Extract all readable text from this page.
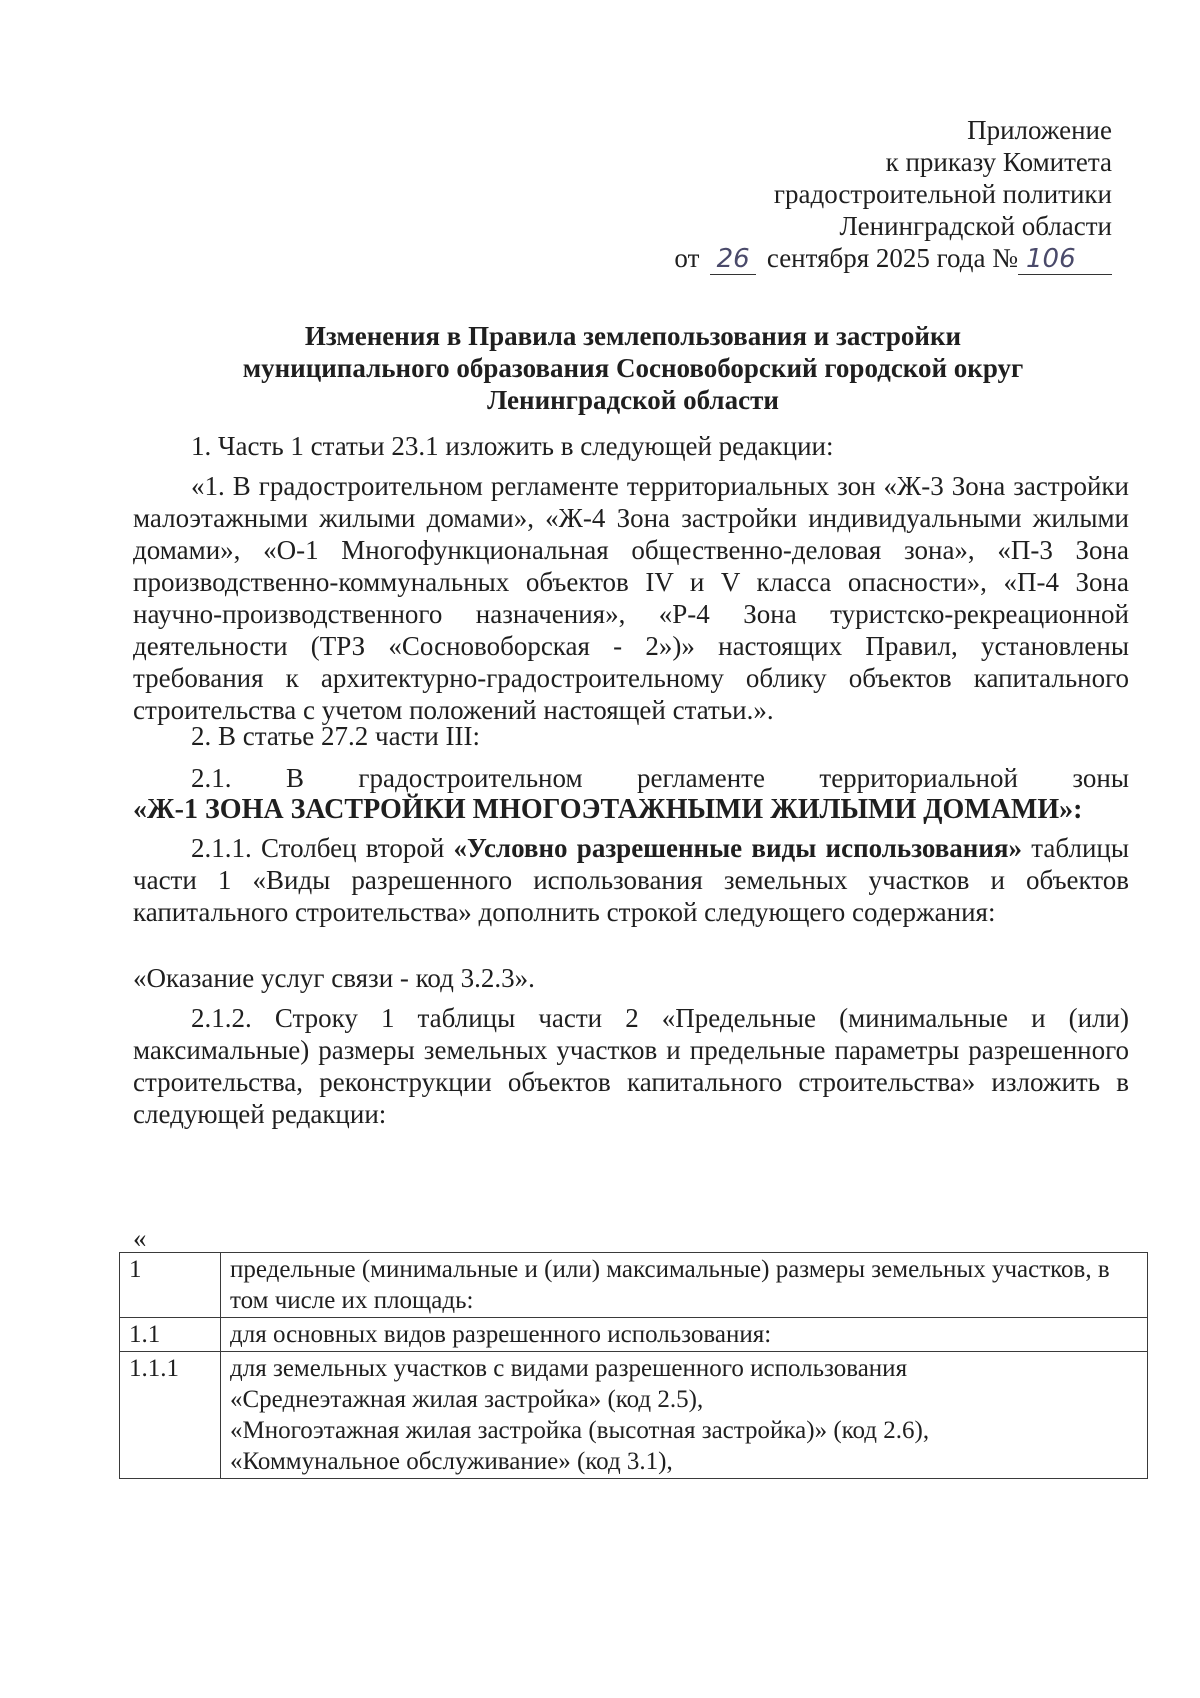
Приложение
к приказу Комитета
градостроительной политики
Ленинградской области
от 26 сентября 2025 года № 106
Изменения в Правила землепользования и застройки
муниципального образования Сосновоборский городской округ
Ленинградской области
1. Часть 1 статьи 23.1 изложить в следующей редакции:
«1. В градостроительном регламенте территориальных зон «Ж-3 Зона застройки малоэтажными жилыми домами», «Ж-4 Зона застройки индивидуальными жилыми домами», «О-1 Многофункциональная общественно-деловая зона», «П-3 Зона производственно-коммунальных объектов IV и V класса опасности», «П-4 Зона научно-производственного назначения», «Р-4 Зона туристско-рекреационной деятельности (ТРЗ «Сосновоборская - 2»)» настоящих Правил, установлены требования к архитектурно-градостроительному облику объектов капитального строительства с учетом положений настоящей статьи.».
2. В статье 27.2 части III:
2.1. В градостроительном регламенте территориальной зоны
«Ж-1 ЗОНА ЗАСТРОЙКИ МНОГОЭТАЖНЫМИ ЖИЛЫМИ ДОМАМИ»:
2.1.1. Столбец второй «Условно разрешенные виды использования» таблицы части 1 «Виды разрешенного использования земельных участков и объектов капитального строительства» дополнить строкой следующего содержания:
«Оказание услуг связи - код 3.2.3».
2.1.2. Строку 1 таблицы части 2 «Предельные (минимальные и (или) максимальные) размеры земельных участков и предельные параметры разрешенного строительства, реконструкции объектов капитального строительства» изложить в следующей редакции:
«
1	предельные (минимальные и (или) максимальные) размеры земельных участков, в том числе их площадь:
1.1	для основных видов разрешенного использования:
1.1.1	для земельных участков с видами разрешенного использования
«Среднеэтажная жилая застройка» (код 2.5),
«Многоэтажная жилая застройка (высотная застройка)» (код 2.6),
«Коммунальное обслуживание» (код 3.1),
